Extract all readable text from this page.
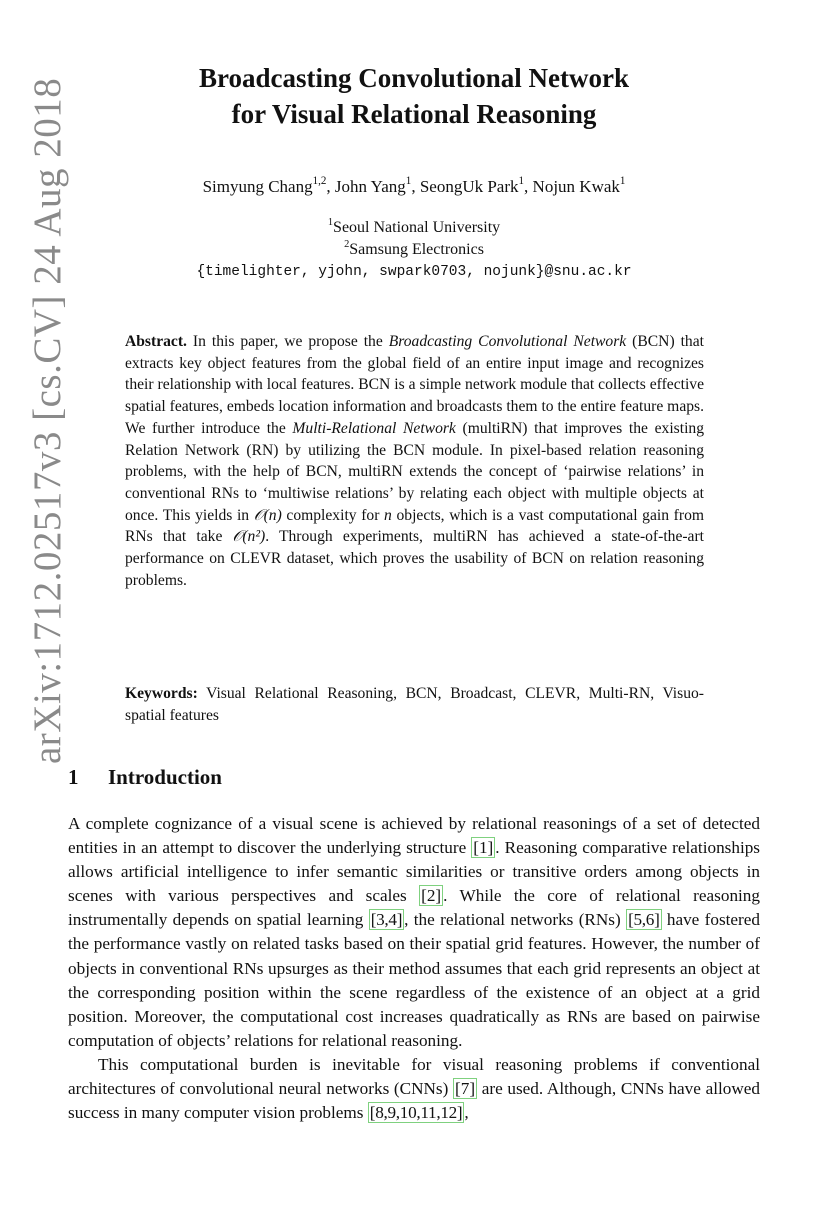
arXiv:1712.02517v3 [cs.CV] 24 Aug 2018	Broadcasting Convolutional Network
for Visual Relational Reasoning
Simyung Chang$^{1,2}$, John Yang$^1$, SeongUk Park$^1$, Nojun Kwak$^1$
$^1$Seoul National University
$^2$Samsung Electronics
{timelighter, yjohn, swpark0703, nojunk}@snu.ac.kr
Abstract. In this paper, we propose the Broadcasting Convolutional Network (BCN) that extracts key object features from the global field of an entire input image and recognizes their relationship with local features. BCN is a simple network module that collects effective spatial features, embeds location information and broadcasts them to the entire feature maps. We further introduce the Multi-Relational Network (multiRN) that improves the existing Relation Network (RN) by utilizing the BCN module. In pixel-based relation reasoning problems, with the help of BCN, multiRN extends the concept of ‘pairwise relations’ in conventional RNs to ‘multiwise relations’ by relating each object with multiple objects at once. This yields in 𝒪(n) complexity for n objects, which is a vast computational gain from RNs that take 𝒪(n²). Through experiments, multiRN has achieved a state-of-the-art performance on CLEVR dataset, which proves the usability of BCN on relation reasoning problems.
Keywords: Visual Relational Reasoning, BCN, Broadcast, CLEVR, Multi-RN, Visuo-spatial features
1 Introduction

A complete cognizance of a visual scene is achieved by relational reasonings of a set of detected entities in an attempt to discover the underlying structure [1] . Reasoning comparative relationships allows artificial intelligence to infer semantic similarities or transitive orders among objects in scenes with various perspectives and scales [2] . While the core of relational reasoning instrumentally depends on spatial learning [3,4] , the relational networks (RNs) [5,6] have fostered the performance vastly on related tasks based on their spatial grid features. However, the number of objects in conventional RNs upsurges as their method assumes that each grid represents an object at the corresponding position within the scene regardless of the existence of an object at a grid position. Moreover, the computational cost increases quadratically as RNs are based on pairwise computation of objects’ relations for relational reasoning.

This computational burden is inevitable for visual reasoning problems if conventional architectures of convolutional neural networks (CNNs) [7] are used. Although, CNNs have allowed success in many computer vision problems [8,9,10,11,12] ,
